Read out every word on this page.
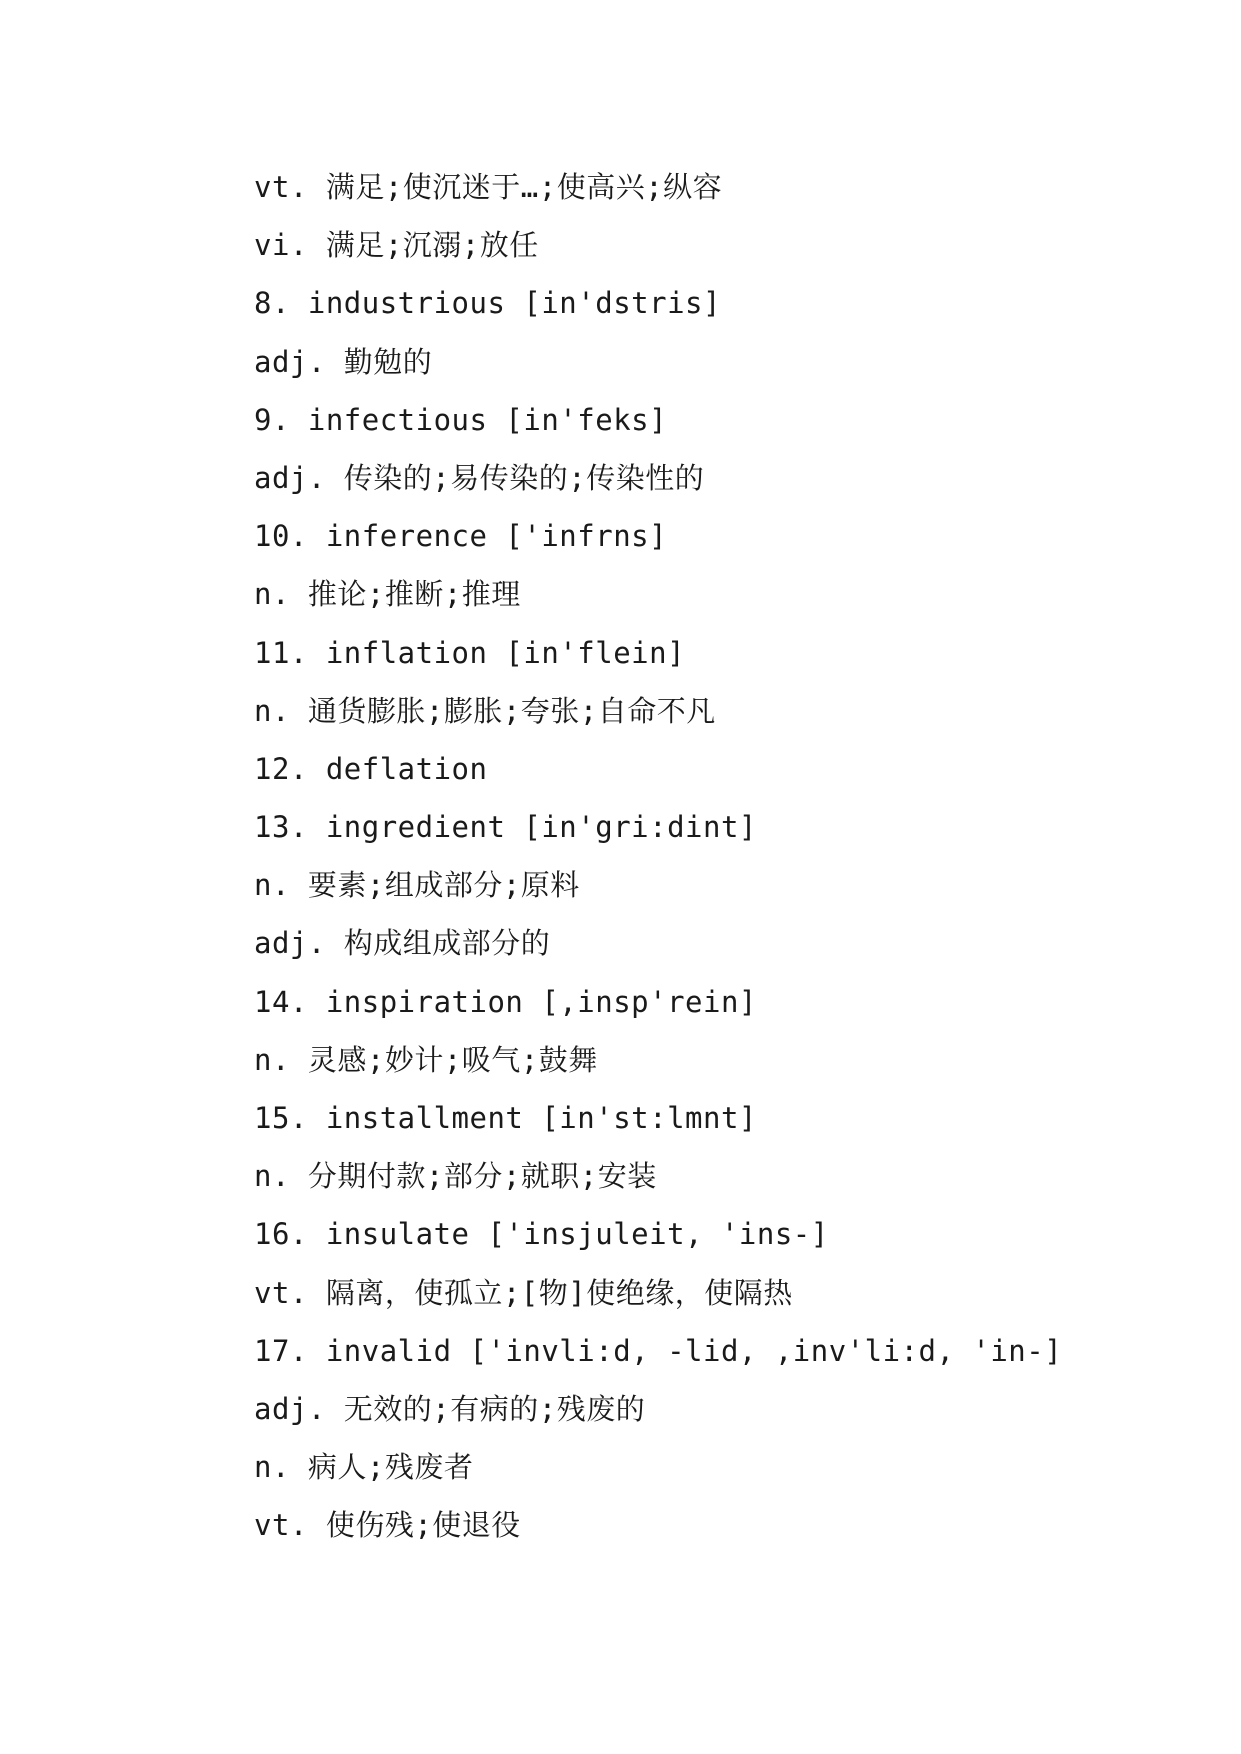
vt. 满足;使沉迷于…;使高兴;纵容
vi. 满足;沉溺;放任
8. industrious [in'dstris]
adj. 勤勉的
9. infectious [in'feks]
adj. 传染的;易传染的;传染性的
10. inference ['infrns]
n. 推论;推断;推理
11. inflation [in'flein]
n. 通货膨胀;膨胀;夸张;自命不凡
12. deflation
13. ingredient [in'gri:dint]
n. 要素;组成部分;原料
adj. 构成组成部分的
14. inspiration [,insp'rein]
n. 灵感;妙计;吸气;鼓舞
15. installment [in'st:lmnt]
n. 分期付款;部分;就职;安装
16. insulate ['insjuleit, 'ins-]
vt. 隔离，使孤立;[物]使绝缘，使隔热
17. invalid ['invli:d, -lid, ,inv'li:d, 'in-]
adj. 无效的;有病的;残废的
n. 病人;残废者
vt. 使伤残;使退役
